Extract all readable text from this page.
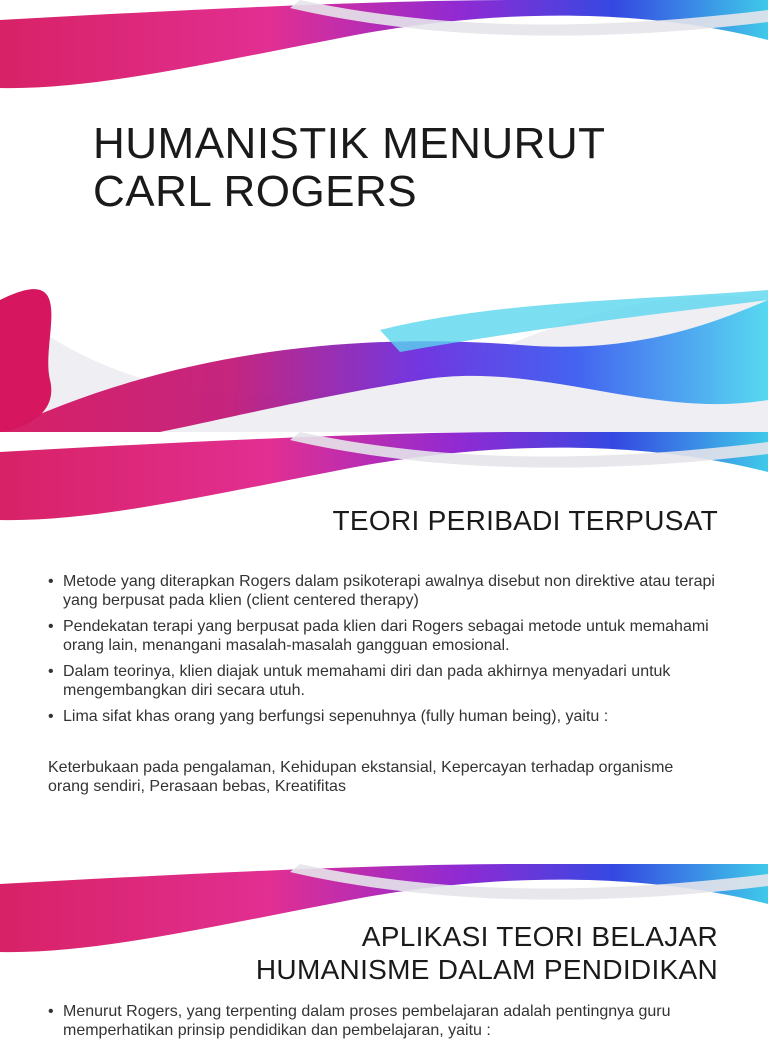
HUMANISTIK MENURUT
CARL ROGERS
TEORI PERIBADI TERPUSAT
• Metode yang diterapkan Rogers dalam psikoterapi awalnya disebut non direktive atau terapi yang berpusat pada klien (client centered therapy)
• Pendekatan terapi yang berpusat pada klien dari Rogers sebagai metode untuk memahami orang lain, menangani masalah-masalah gangguan emosional.
• Dalam teorinya, klien diajak untuk memahami diri dan pada akhirnya menyadari untuk mengembangkan diri secara utuh.
• Lima sifat khas orang yang berfungsi sepenuhnya (fully human being), yaitu :

Keterbukaan pada pengalaman, Kehidupan ekstansial, Kepercayan terhadap organisme orang sendiri, Perasaan bebas, Kreatifitas

APLIKASI TEORI BELAJAR
HUMANISME DALAM PENDIDIKAN
• Menurut Rogers, yang terpenting dalam proses pembelajaran adalah pentingnya guru memperhatikan prinsip pendidikan dan pembelajaran, yaitu :
